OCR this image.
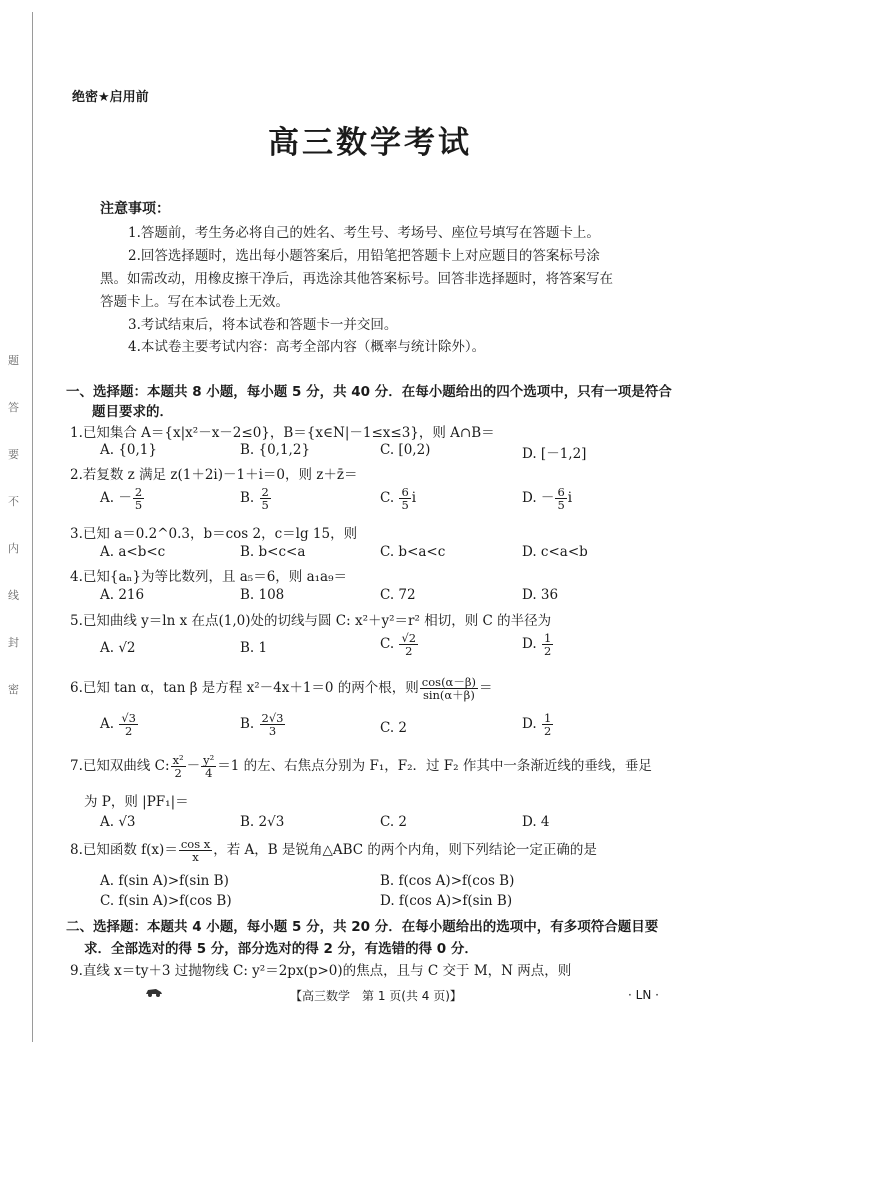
题
答
要
不
内
线
封
密
绝密★启用前
高三数学考试
注意事项：
1.答题前，考生务必将自己的姓名、考生号、考场号、座位号填写在答题卡上。
2.回答选择题时，选出每小题答案后，用铅笔把答题卡上对应题目的答案标号涂
黑。如需改动，用橡皮擦干净后，再选涂其他答案标号。回答非选择题时，将答案写在
答题卡上。写在本试卷上无效。
3.考试结束后，将本试卷和答题卡一并交回。
4.本试卷主要考试内容：高考全部内容（概率与统计除外）。
一、选择题：本题共 8 小题，每小题 5 分，共 40 分．在每小题给出的四个选项中，只有一项是符合
题目要求的．
1.已知集合 A＝{x|x²－x－2≤0}，B＝{x∈N|－1≤x≤3}，则 A∩B＝
A. {0,1}	B. {0,1,2}	C. [0,2)	D. [－1,2]
2.若复数 z 满足 z(1＋2i)－1＋i＝0，则 z＋z̄＝
A. － $\frac{2}{5}$	B. $\frac{2}{5}$	C. $\frac{6}{5}$ i	D. － $\frac{6}{5}$ i
3.已知 a＝0.2^0.3，b＝cos 2，c＝lg 15，则
A. a<b<c	B. b<c<a	C. b<a<c	D. c<a<b
4.已知{aₙ}为等比数列，且 a₅＝6，则 a₁a₉＝
A. 216	B. 108	C. 72	D. 36
5.已知曲线 y＝ln x 在点(1,0)处的切线与圆 C: x²＋y²＝r² 相切，则 C 的半径为
A. √2	B. 1	C. $\frac{√2}{2}$	D. $\frac{1}{2}$
6.已知 tan α，tan β 是方程 x²－4x＋1＝0 的两个根，则 $\frac{\cos(\alpha-\beta)}{\sin(\alpha+\beta)}$ ＝
A. $\frac{√3}{2}$	B. $\frac{2√3}{3}$	C. 2	D. $\frac{1}{2}$
7.已知双曲线 C: $\frac{\text{x²}}{2} - \frac{\text{y²}}{4} =1$ 的左、右焦点分别为 F₁，F₂．过 F₂ 作其中一条渐近线的垂线，垂足
为 P，则 |PF₁|＝
A. √3	B. 2√3	C. 2	D. 4
8.已知函数 $f(x)= \frac{\text{cos x}}{x}$ ，若 A，B 是锐角△ABC 的两个内角，则下列结论一定正确的是
A. f(sin A)>f(sin B)	B. f(cos A)>f(cos B)
C. f(sin A)>f(cos B)	D. f(cos A)>f(sin B)
二、选择题：本题共 4 小题，每小题 5 分，共 20 分．在每小题给出的选项中，有多项符合题目要
求．全部选对的得 5 分，部分选对的得 2 分，有选错的得 0 分．
9.直线 x＝ty＋3 过抛物线 C: y²＝2px(p>0)的焦点，且与 C 交于 M，N 两点，则
【高三数学　第 1 页(共 4 页)】	· LN ·
